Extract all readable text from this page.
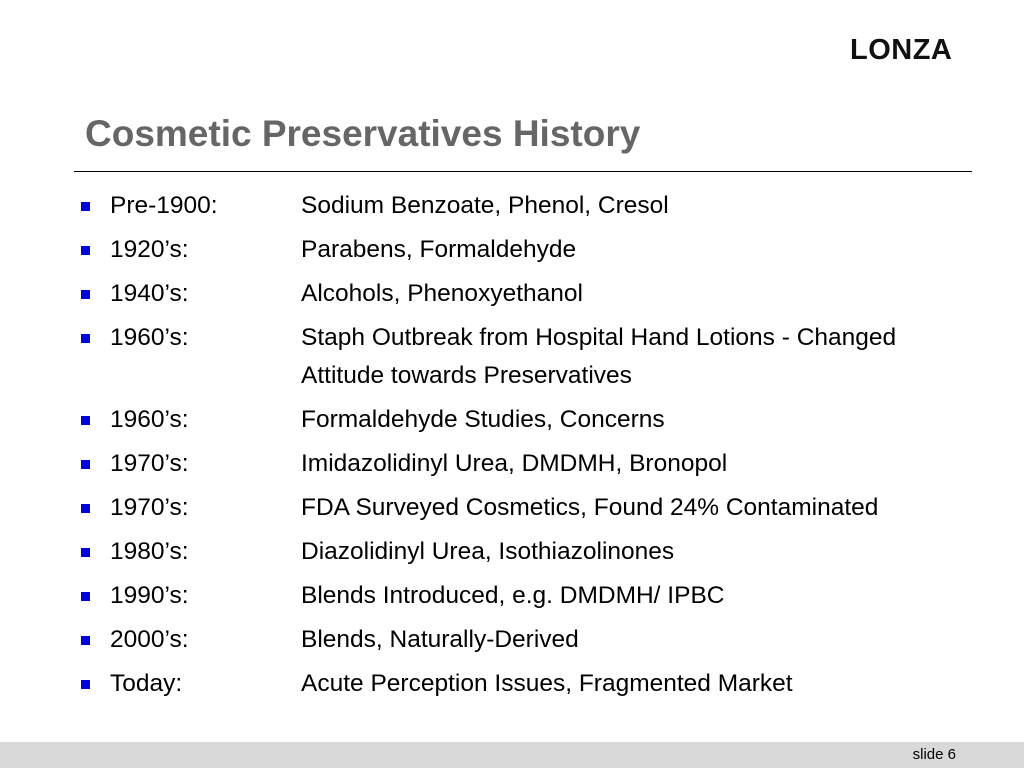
LONZA
Cosmetic Preservatives History
Pre-1900:	Sodium Benzoate, Phenol, Cresol
1920’s:	Parabens, Formaldehyde
1940’s:	Alcohols, Phenoxyethanol
1960’s:	Staph Outbreak from Hospital Hand Lotions - Changed Attitude towards Preservatives
1960’s:	Formaldehyde Studies, Concerns
1970’s:	Imidazolidinyl Urea, DMDMH, Bronopol
1970’s:	FDA Surveyed Cosmetics, Found 24% Contaminated
1980’s:	Diazolidinyl Urea, Isothiazolinones
1990’s:	Blends Introduced, e.g. DMDMH/ IPBC
2000’s:	Blends, Naturally-Derived
Today:	Acute Perception Issues, Fragmented Market
slide 6
